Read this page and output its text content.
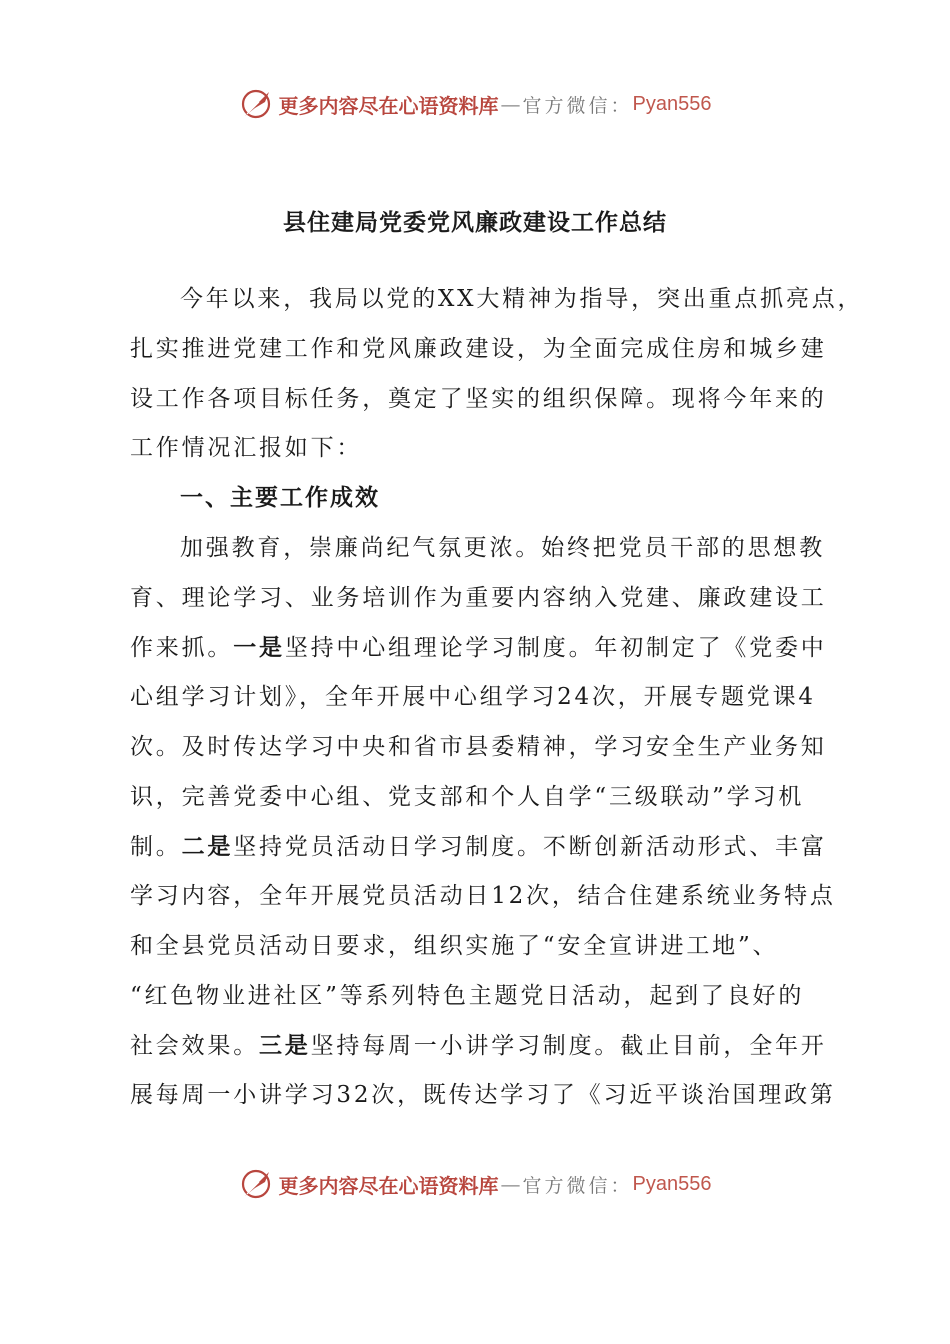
更多内容尽在心语资料库 — 官方微信： Pyan556
县住建局党委党风廉政建设工作总结
今年以来，我局以党的XX大精神为指导，突出重点抓亮点，
扎实推进党建工作和党风廉政建设，为全面完成住房和城乡建
设工作各项目标任务，奠定了坚实的组织保障。现将今年来的
工作情况汇报如下：
一、主要工作成效
加强教育，崇廉尚纪气氛更浓。始终把党员干部的思想教
育、理论学习、业务培训作为重要内容纳入党建、廉政建设工
作来抓。一是坚持中心组理论学习制度。年初制定了《党委中
心组学习计划》，全年开展中心组学习24次，开展专题党课4
次。及时传达学习中央和省市县委精神，学习安全生产业务知
识，完善党委中心组、党支部和个人自学“三级联动”学习机
制。二是坚持党员活动日学习制度。不断创新活动形式、丰富
学习内容，全年开展党员活动日12次，结合住建系统业务特点
和全县党员活动日要求，组织实施了“安全宣讲进工地”、
“红色物业进社区”等系列特色主题党日活动，起到了良好的
社会效果。三是坚持每周一小讲学习制度。截止目前，全年开
展每周一小讲学习32次，既传达学习了《习近平谈治国理政第
更多内容尽在心语资料库 — 官方微信： Pyan556
